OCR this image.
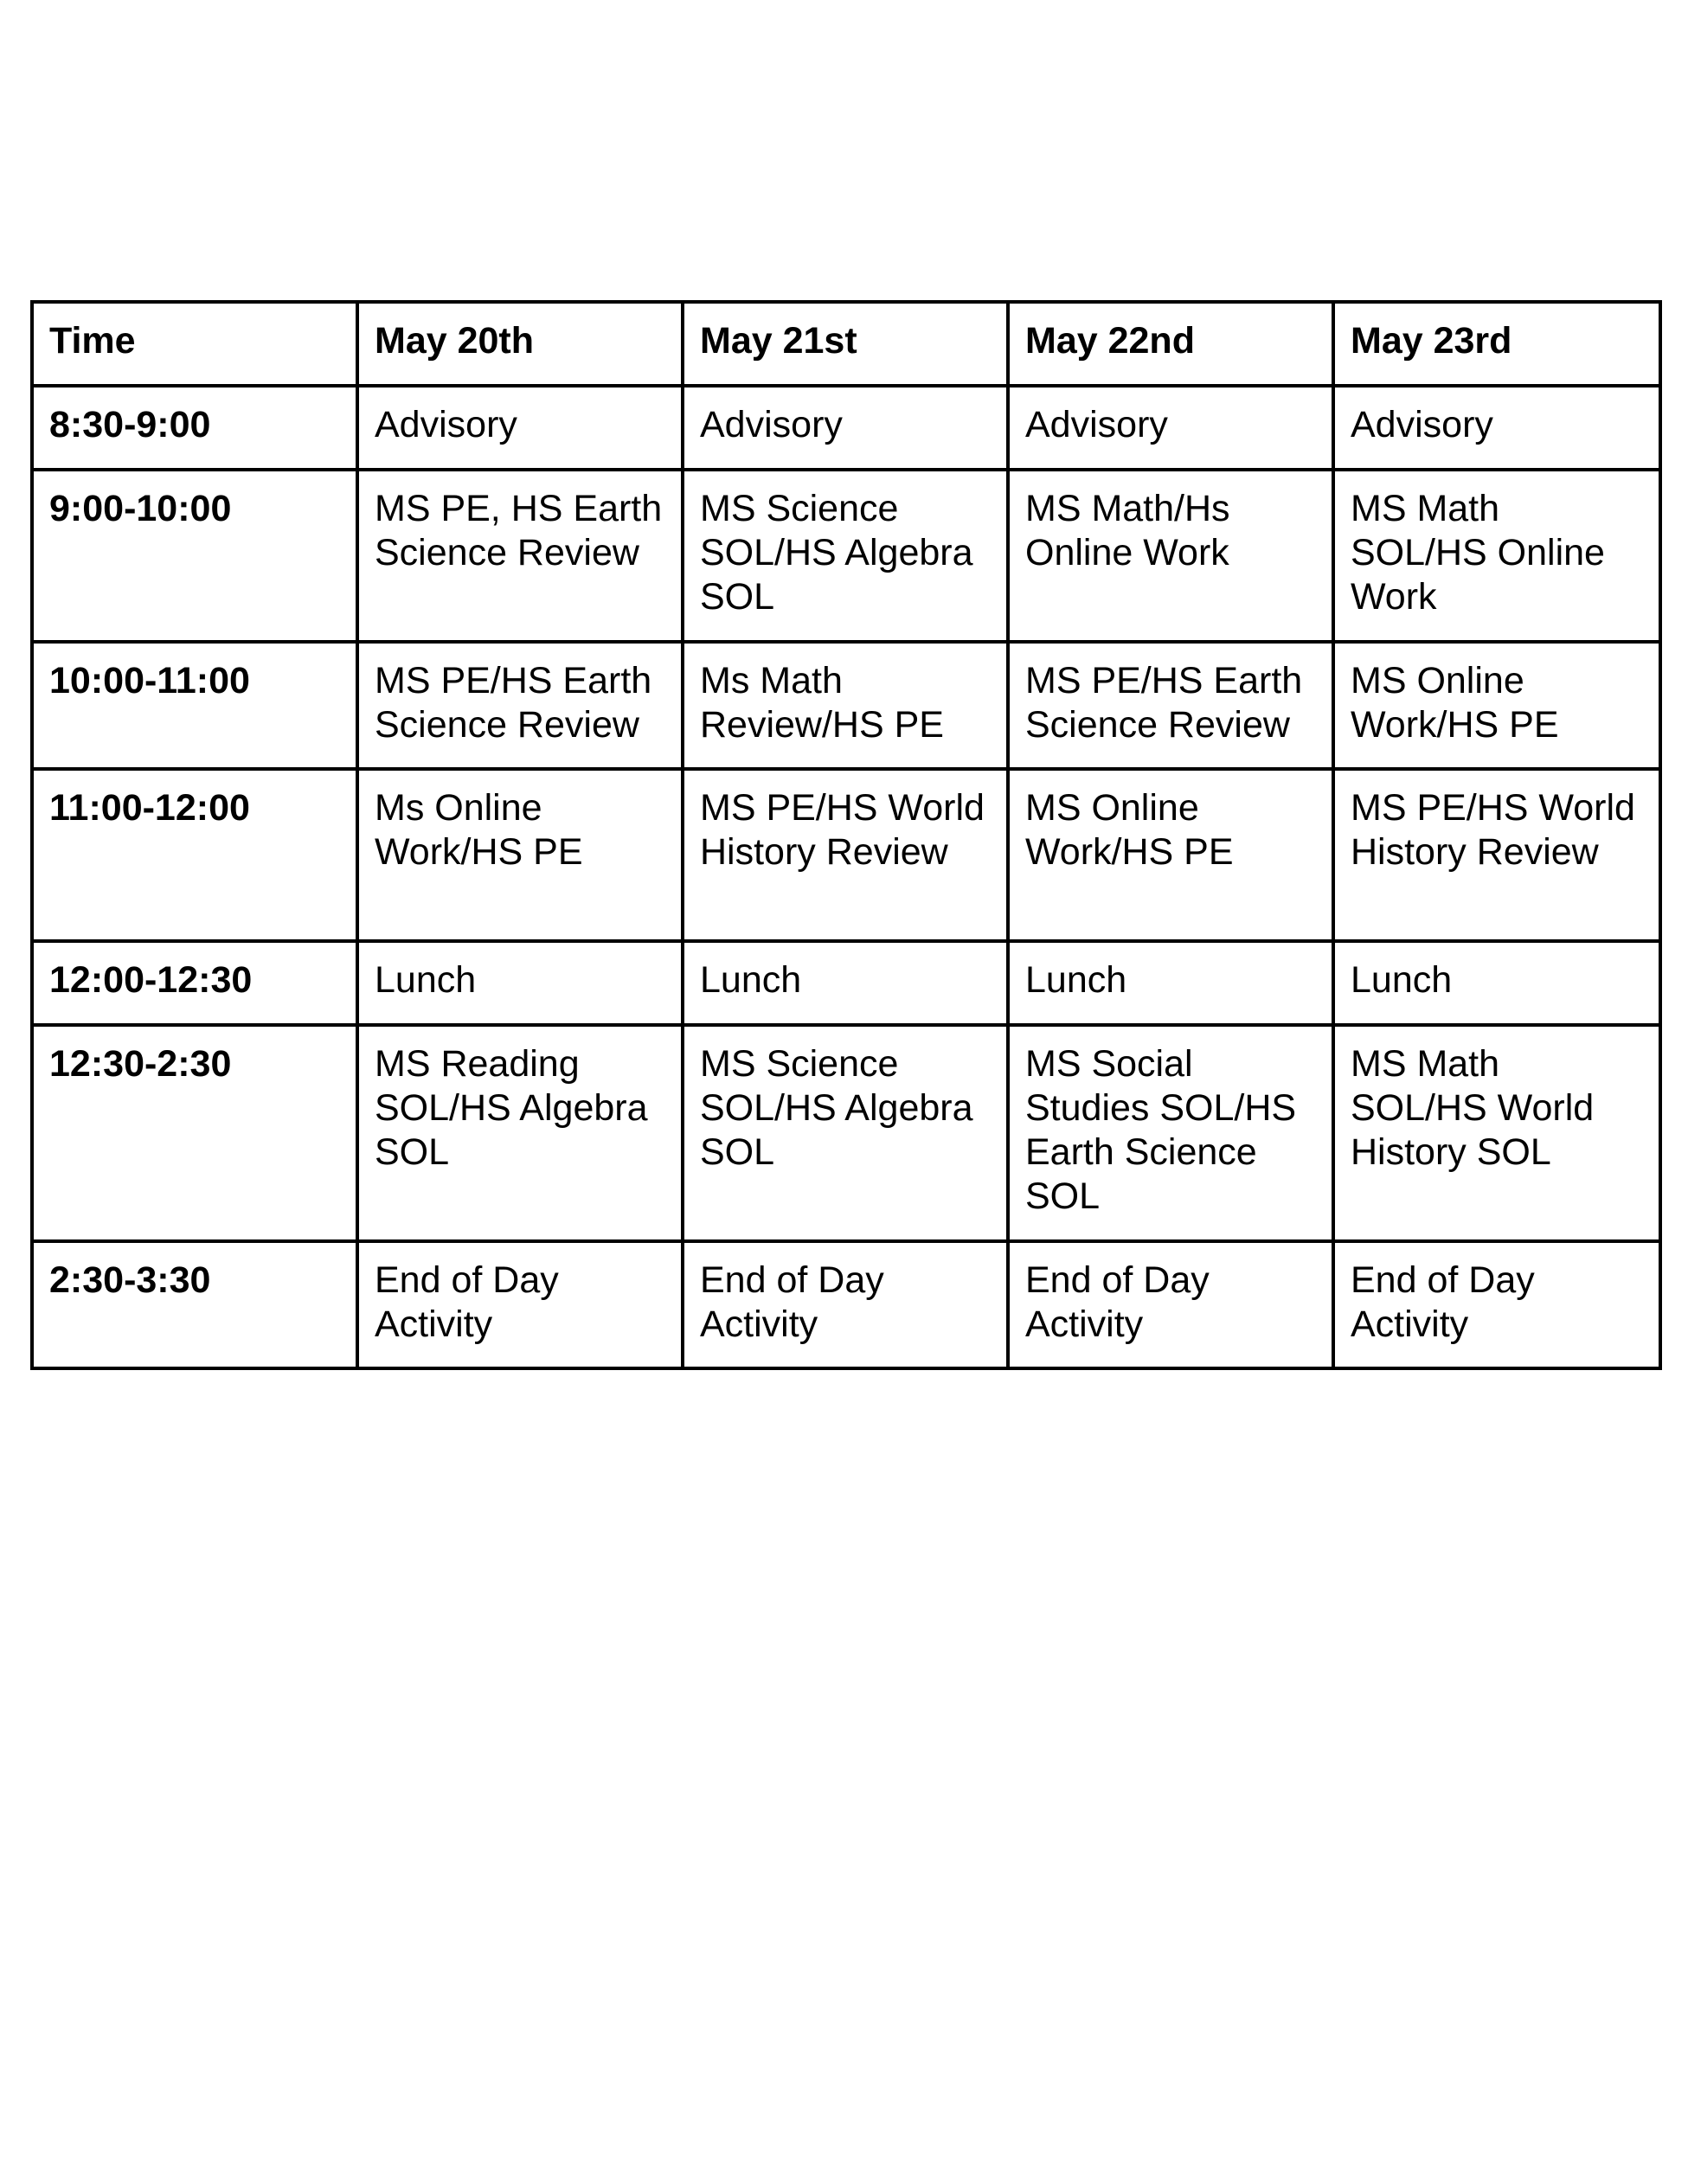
Time	May 20th	May 21st	May 22nd	May 23rd
8:30-9:00	Advisory	Advisory	Advisory	Advisory
9:00-10:00	MS PE, HS Earth Science Review	MS Science SOL/HS Algebra SOL	MS Math/Hs Online Work	MS Math SOL/HS Online Work
10:00-11:00	MS PE/HS Earth Science Review	Ms Math Review/HS PE	MS PE/HS Earth Science Review	MS Online Work/HS PE
11:00-12:00	Ms Online Work/HS PE	MS PE/HS World History Review	MS Online Work/HS PE	MS PE/HS World History Review
12:00-12:30	Lunch	Lunch	Lunch	Lunch
12:30-2:30	MS Reading SOL/HS Algebra SOL	MS Science SOL/HS Algebra SOL	MS Social Studies SOL/HS Earth Science SOL	MS Math SOL/HS World History SOL
2:30-3:30	End of Day Activity	End of Day Activity	End of Day Activity	End of Day Activity
